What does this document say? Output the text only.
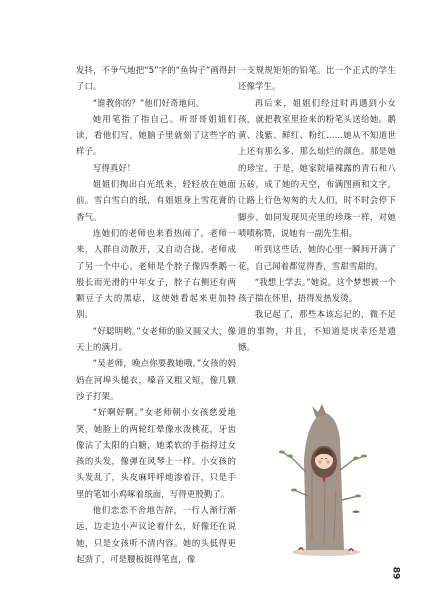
发抖，不争气地把“5”字的“鱼钩子”画得封了口。

“谁教你的？”他们好奇地问。

她用笔指了指自己。听哥哥姐姐们读，看他们写，她脑子里就刻了这些字的样子。

写得真好！

姐姐们掏出白光纸来，轻轻放在她面前。雪白雪白的纸，有姐姐身上雪花膏的香气。

连她们的老师也来看热闹了。老师一来，人群自动散开，又自动合拢，老师成了另一个中心。老师是个脖子像四季鹅一般长而光滑的中年女子，脖子右侧还有两颗豆子大的黑痣，这使她看起来更加特别。

“好聪明哟。”女老师的脸又圆又大，像天上的满月。

“吴老师，晚点你要教她哦。”女孩的妈妈在河埠头槌衣，嗓音又粗又短，像几颗沙子打架。

“好啊好啊。”女老师朝小女孩慈爱地笑，她脸上的两轮红晕像水泼桃花，牙齿像沾了太阳的白糖，她柔软的手指捋过女孩的头发，像弹在风琴上一样。小女孩的头发乱了，头皮麻呼呼地渗着汗，只是手里的笔如小鸡啄着纸面，写得更殷勤了。

他们恋恋不舍地告辞，一行人渐行渐远，边走边小声议论着什么，好像还在说她，只是女孩听不清内容。她的头低得更起劲了，可是腰板挺得笔直，像

一支规规矩矩的铅笔。比一个正式的学生还像学生。

再后来，姐姐们经过时再遇到小女孩，就把教室里捡来的粉笔头送给她。鹅黄、浅紫、鲜红、粉红……她从不知道世上还有那么多、那么灿烂的颜色。那是她的珍宝。于是，她家院墙裸露的青石和八五砖，成了她的天空，布满图画和文字，让路上行色匆匆的大人们，时不时会停下脚步，如同发现贝壳里的珍珠一样，对她啧啧称赞，说她有一副先生相。

听到这些话，她的心里一瞬间开满了花，自己闻着都觉得香，雪甜雪甜的。

“我想上学去。”她说。这个梦想被一个孩子揣在怀里，捂得发热发烫。

我记起了，那些本该忘记的，微不足道的事物，并且，不知道是庆幸还是遗憾。

89
